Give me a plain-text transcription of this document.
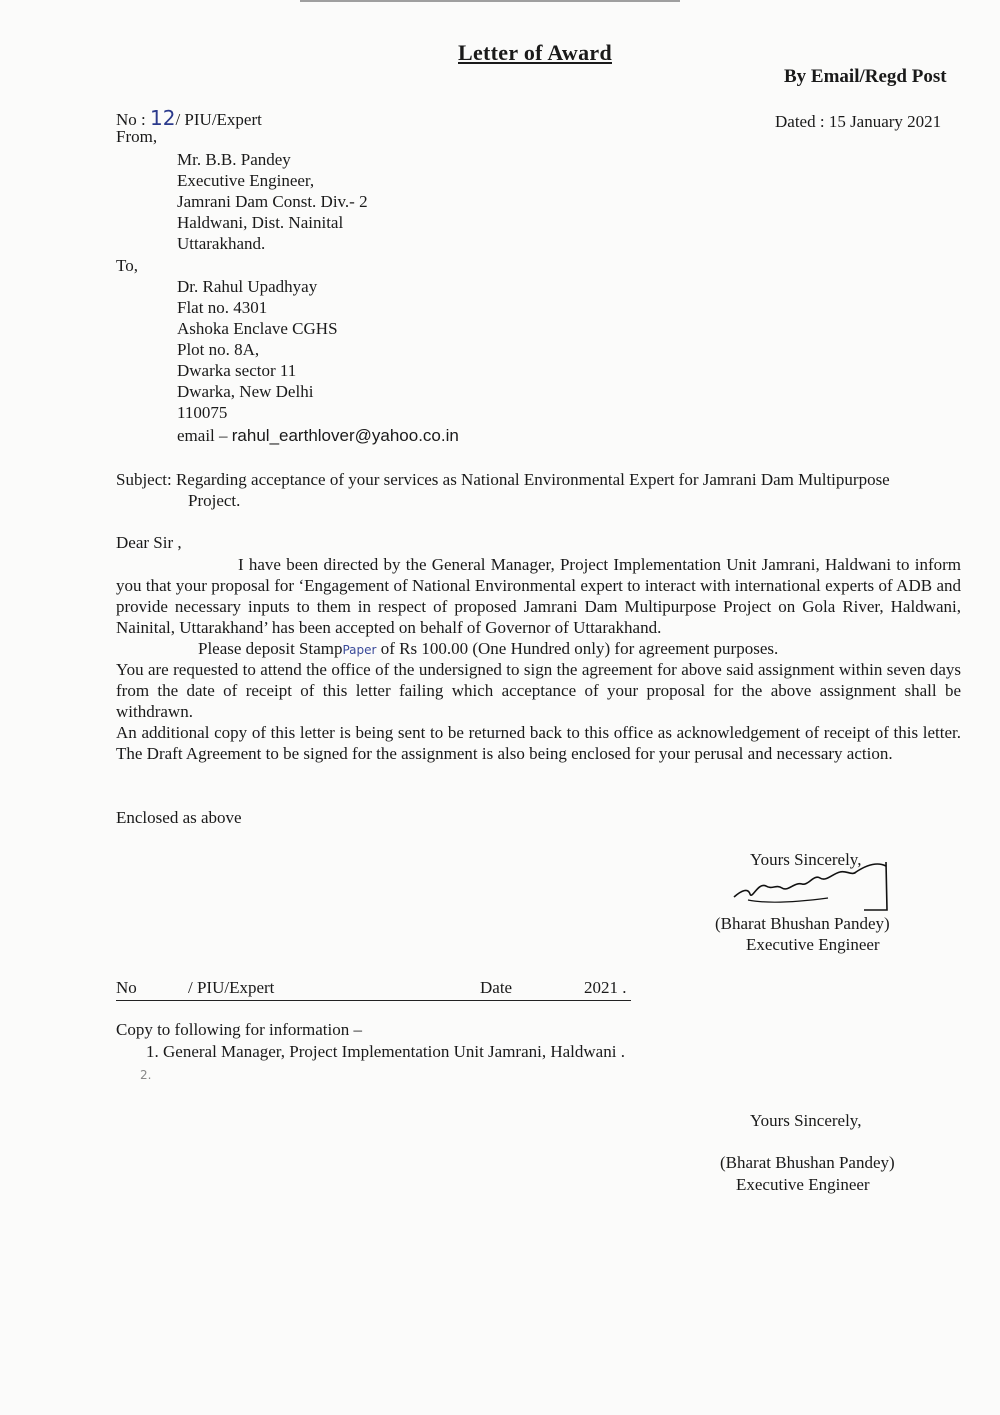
Letter of Award
By Email/Regd Post
No : 12/ PIU/Expert	Dated : 15 January 2021
From,
Mr. B.B. Pandey
Executive Engineer,
Jamrani Dam Const. Div.- 2
Haldwani, Dist. Nainital
Uttarakhand.
To,
Dr. Rahul Upadhyay
Flat no. 4301
Ashoka Enclave CGHS
Plot no. 8A,
Dwarka sector 11
Dwarka, New Delhi
110075
email – rahul_earthlover@yahoo.co.in
Subject: Regarding acceptance of your services as National Environmental Expert for Jamrani Dam Multipurpose
Project.
Dear Sir ,
I have been directed by the General Manager, Project Implementation Unit Jamrani, Haldwani to inform you that your proposal for ‘Engagement of National Environmental expert to interact with international experts of ADB and provide necessary inputs to them in respect of proposed Jamrani Dam Multipurpose Project on Gola River, Haldwani, Nainital, Uttarakhand’ has been accepted on behalf of Governor of Uttarakhand.
Please deposit StampPaper of Rs 100.00 (One Hundred only) for agreement purposes.
You are requested to attend the office of the undersigned to sign the agreement for above said assignment within seven days from the date of receipt of this letter failing which acceptance of your proposal for the above assignment shall be withdrawn.
An additional copy of this letter is being sent to be returned back to this office as acknowledgement of receipt of this letter. The Draft Agreement to be signed for the assignment is also being enclosed for your perusal and necessary action.
Enclosed as above
Yours Sincerely,
(Bharat Bhushan Pandey)
Executive Engineer
No	/ PIU/Expert	Date	2021 .
Copy to following for information –
1. General Manager, Project Implementation Unit Jamrani, Haldwani .
2.
Yours Sincerely,
(Bharat Bhushan Pandey)
Executive Engineer
